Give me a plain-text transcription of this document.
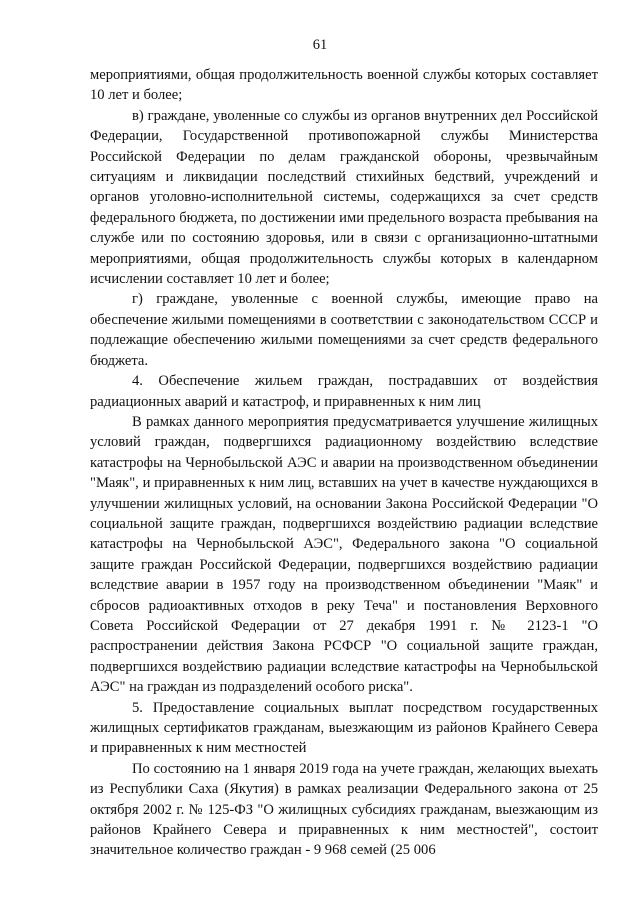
61

мероприятиями, общая продолжительность военной службы которых составляет 10 лет и более;

в) граждане, уволенные со службы из органов внутренних дел Российской Федерации, Государственной противопожарной службы Министерства Российской Федерации по делам гражданской обороны, чрезвычайным ситуациям и ликвидации последствий стихийных бедствий, учреждений и органов уголовно-исполнительной системы, содержащихся за счет средств федерального бюджета, по достижении ими предельного возраста пребывания на службе или по состоянию здоровья, или в связи с организационно-штатными мероприятиями, общая продолжительность службы которых в календарном исчислении составляет 10 лет и более;

г) граждане, уволенные с военной службы, имеющие право на обеспечение жилыми помещениями в соответствии с законодательством СССР и подлежащие обеспечению жилыми помещениями за счет средств федерального бюджета.

4. Обеспечение жильем граждан, пострадавших от воздействия радиационных аварий и катастроф, и приравненных к ним лиц

В рамках данного мероприятия предусматривается улучшение жилищных условий граждан, подвергшихся радиационному воздействию вследствие катастрофы на Чернобыльской АЭС и аварии на производственном объединении "Маяк", и приравненных к ним лиц, вставших на учет в качестве нуждающихся в улучшении жилищных условий, на основании Закона Российской Федерации "О социальной защите граждан, подвергшихся воздействию радиации вследствие катастрофы на Чернобыльской АЭС", Федерального закона "О социальной защите граждан Российской Федерации, подвергшихся воздействию радиации вследствие аварии в 1957 году на производственном объединении "Маяк" и сбросов радиоактивных отходов в реку Теча" и постановления Верховного Совета Российской Федерации от 27 декабря 1991 г. № 2123-1 "О распространении действия Закона РСФСР "О социальной защите граждан, подвергшихся воздействию радиации вследствие катастрофы на Чернобыльской АЭС" на граждан из подразделений особого риска".

5. Предоставление социальных выплат посредством государственных жилищных сертификатов гражданам, выезжающим из районов Крайнего Севера и приравненных к ним местностей

По состоянию на 1 января 2019 года на учете граждан, желающих выехать из Республики Саха (Якутия) в рамках реализации Федерального закона от 25 октября 2002 г. № 125-ФЗ "О жилищных субсидиях гражданам, выезжающим из районов Крайнего Севера и приравненных к ним местностей", состоит значительное количество граждан - 9 968 семей (25 006
